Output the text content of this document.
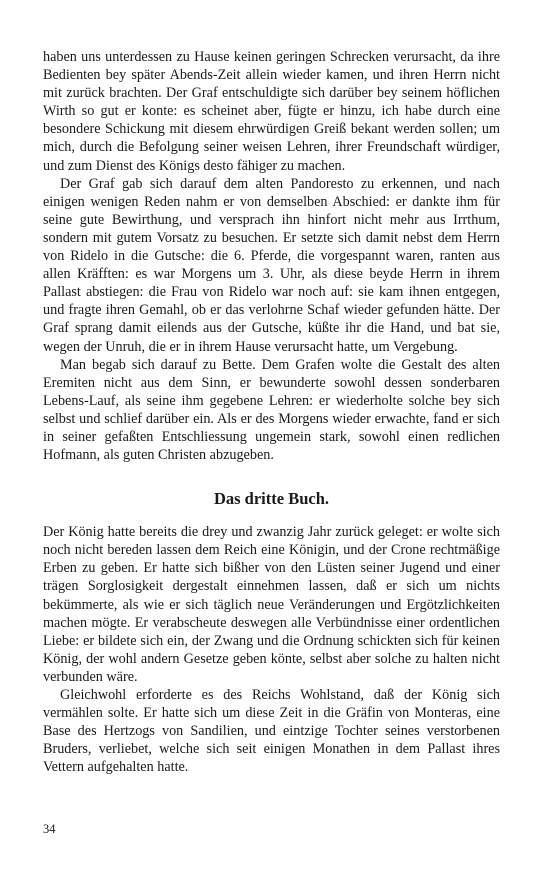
haben uns unterdessen zu Hause keinen geringen Schrecken verursacht, da ihre Bedienten bey später Abends-Zeit allein wieder kamen, und ihren Herrn nicht mit zurück brachten. Der Graf entschuldigte sich darüber bey seinem höflichen Wirth so gut er konte: es scheinet aber, fügte er hinzu, ich habe durch eine besondere Schickung mit diesem ehrwürdigen Greiß bekant werden sollen; um mich, durch die Befolgung seiner weisen Lehren, ihrer Freundschaft würdiger, und zum Dienst des Königs desto fähiger zu machen.

Der Graf gab sich darauf dem alten Pandoresto zu erkennen, und nach einigen wenigen Reden nahm er von demselben Abschied: er dankte ihm für seine gute Bewirthung, und versprach ihn hinfort nicht mehr aus Irrthum, sondern mit gutem Vorsatz zu besuchen. Er setzte sich damit nebst dem Herrn von Ridelo in die Gutsche: die 6. Pferde, die vorgespannt waren, ranten aus allen Kräfften: es war Morgens um 3. Uhr, als diese beyde Herrn in ihrem Pallast abstiegen: die Frau von Ridelo war noch auf: sie kam ihnen entgegen, und fragte ihren Gemahl, ob er das verlohrne Schaf wieder gefunden hätte. Der Graf sprang damit eilends aus der Gutsche, küßte ihr die Hand, und bat sie, wegen der Unruh, die er in ihrem Hause verursacht hatte, um Vergebung.

Man begab sich darauf zu Bette. Dem Grafen wolte die Gestalt des alten Eremiten nicht aus dem Sinn, er bewunderte sowohl dessen sonderbaren Lebens-Lauf, als seine ihm gegebene Lehren: er wiederholte solche bey sich selbst und schlief darüber ein. Als er des Morgens wieder erwachte, fand er sich in seiner gefaßten Entschliessung ungemein stark, sowohl einen redlichen Hofmann, als guten Christen abzugeben.

Das dritte Buch.

Der König hatte bereits die drey und zwanzig Jahr zurück geleget: er wolte sich noch nicht bereden lassen dem Reich eine Königin, und der Crone rechtmäßige Erben zu geben. Er hatte sich bißher von den Lüsten seiner Jugend und einer trägen Sorglosigkeit dergestalt einnehmen lassen, daß er sich um nichts bekümmerte, als wie er sich täglich neue Veränderungen und Ergötzlichkeiten machen mögte. Er verabscheute deswegen alle Verbündnisse einer ordentlichen Liebe: er bildete sich ein, der Zwang und die Ordnung schickten sich für keinen König, der wohl andern Gesetze geben könte, selbst aber solche zu halten nicht verbunden wäre.

Gleichwohl erforderte es des Reichs Wohlstand, daß der König sich vermählen solte. Er hatte sich um diese Zeit in die Gräfin von Monteras, eine Base des Hertzogs von Sandilien, und eintzige Tochter seines verstorbenen Bruders, verliebet, welche sich seit einigen Monathen in dem Pallast ihres Vettern aufgehalten hatte.

34
